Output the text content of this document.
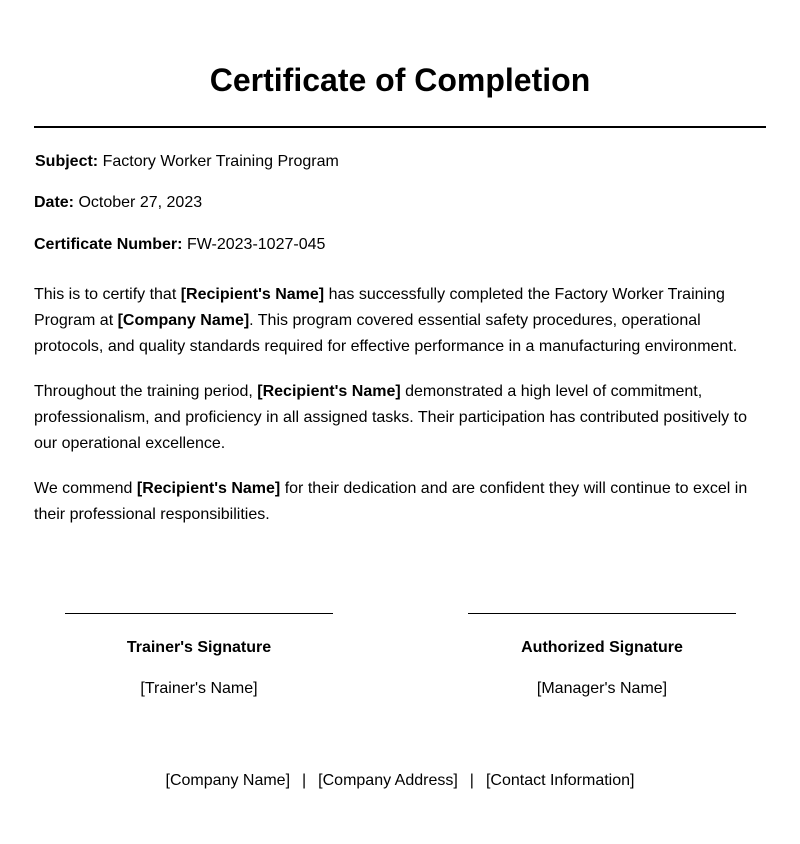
Certificate of Completion
Subject: Factory Worker Training Program
Date: October 27, 2023
Certificate Number: FW-2023-1027-045

This is to certify that [Recipient's Name] has successfully completed the Factory Worker Training Program at [Company Name]. This program covered essential safety procedures, operational protocols, and quality standards required for effective performance in a manufacturing environment.

Throughout the training period, [Recipient's Name] demonstrated a high level of commitment, professionalism, and proficiency in all assigned tasks. Their participation has contributed positively to our operational excellence.

We commend [Recipient's Name] for their dedication and are confident they will continue to excel in their professional responsibilities.

Trainer's Signature
[Trainer's Name]
Authorized Signature
[Manager's Name]
[Company Name] | [Company Address] | [Contact Information]
